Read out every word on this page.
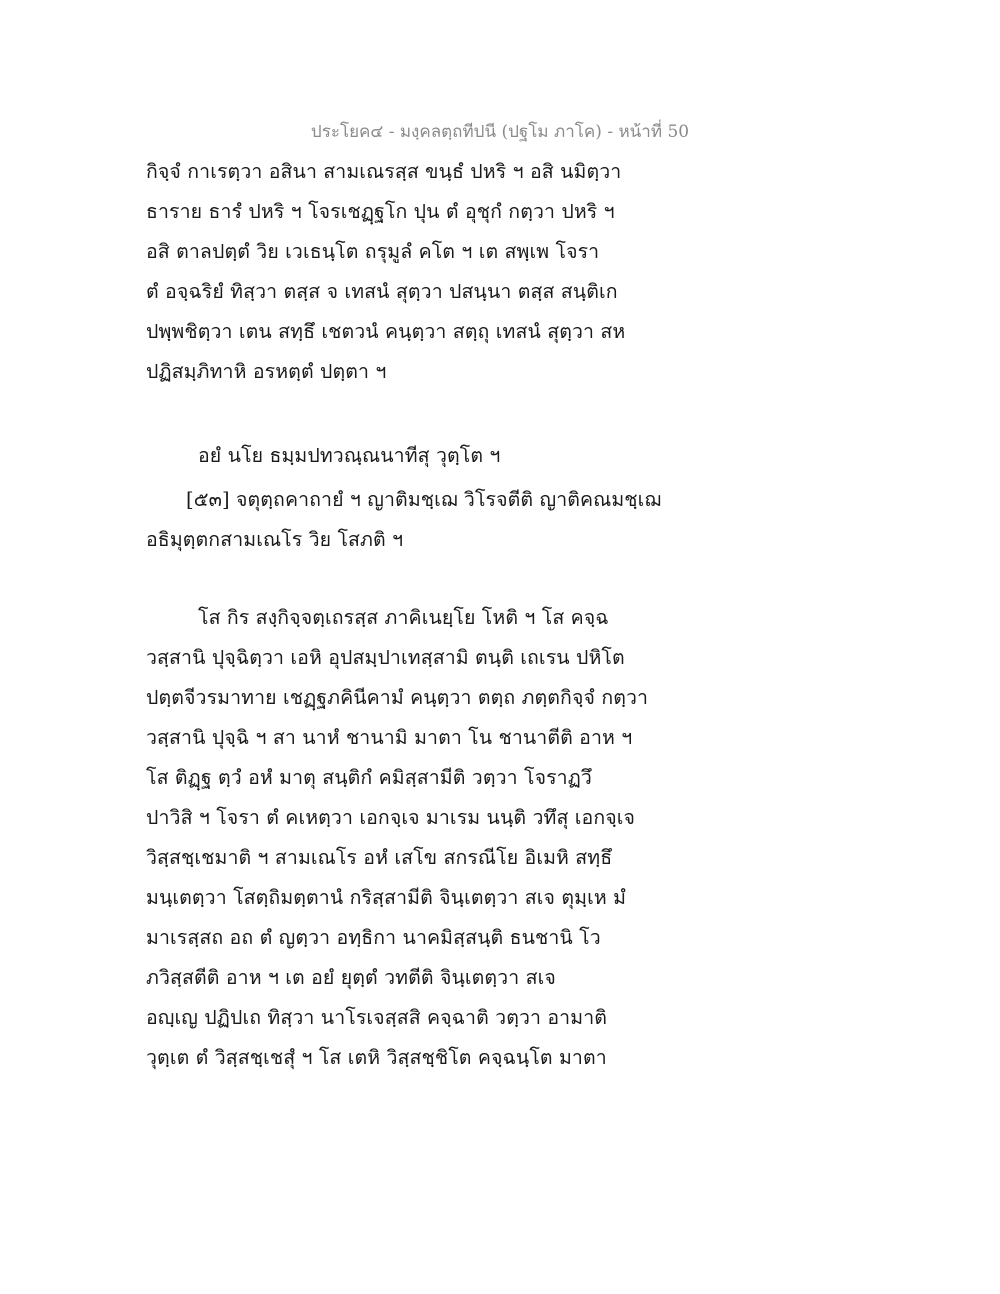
ประโยค๔ - มงฺคลตฺถทีปนี (ปฐโม ภาโค) - หน้าที่ 50
กิจฺจํ กาเรตฺวา อสินา สามเณรสฺส ขนฺธํ ปหริ ฯ อสิ นมิตฺวา
ธาราย ธารํ ปหริ ฯ โจรเชฏฺฐโก ปุน ตํ อุชุกํ กตฺวา ปหริ ฯ
อสิ ตาลปตฺตํ วิย เวเธนฺโต ถรุมูลํ คโต ฯ เต สพฺเพ โจรา
ตํ อจฺฉริยํ ทิสฺวา ตสฺส จ เทสนํ สุตฺวา ปสนฺนา ตสฺส สนฺติเก
ปพฺพชิตฺวา เตน สทฺธึ เชตวนํ คนฺตฺวา สตฺถุ เทสนํ สุตฺวา สห
ปฏิสมฺภิทาหิ อรหตฺตํ ปตฺตา ฯ
อยํ นโย ธมฺมปทวณฺณนาทีสุ วุตฺโต ฯ
[๕๓] จตุตฺถคาถายํ ฯ ญาติมชฺเฌ วิโรจตีติ ญาติคณมชฺเฌ
อธิมุตฺตกสามเณโร วิย โสภติ ฯ
โส กิร สงฺกิจฺจตฺเถรสฺส ภาคิเนยฺโย โหติ ฯ โส คจฺฉ
วสฺสานิ ปุจฺฉิตฺวา เอหิ อุปสมฺปาเทสฺสามิ ตนฺติ เถเรน ปหิโต
ปตฺตจีวรมาทาย เชฏฺฐภคินีคามํ คนฺตฺวา ตตฺถ ภตฺตกิจฺจํ กตฺวา
วสฺสานิ ปุจฺฉิ ฯ สา นาหํ ชานามิ มาตา โน ชานาตีติ อาห ฯ
โส ติฏฺฐ ตฺวํ อหํ มาตุ สนฺติกํ คมิสฺสามีติ วตฺวา โจราฏวึ
ปาวิสิ ฯ โจรา ตํ คเหตฺวา เอกจฺเจ มาเรม นนฺติ วทึสุ เอกจฺเจ
วิสฺสชฺเชมาติ ฯ สามเณโร อหํ เสโข สกรณีโย อิเมหิ สทฺธึ
มนฺเตตฺวา โสตฺถิมตฺตานํ กริสฺสามีติ จินฺเตตฺวา สเจ ตุมฺเห มํ
มาเรสฺสถ อถ ตํ ญตฺวา อทฺธิกา นาคมิสฺสนฺติ ธนชานิ โว
ภวิสฺสตีติ อาห ฯ เต อยํ ยุตฺตํ วทตีติ จินฺเตตฺวา สเจ
อญฺเญ ปฏิปเถ ทิสฺวา นาโรเจสฺสสิ คจฺฉาติ วตฺวา อามาติ
วุตฺเต ตํ วิสฺสชฺเชสุํ ฯ โส เตหิ วิสฺสชฺชิโต คจฺฉนฺโต มาตา
